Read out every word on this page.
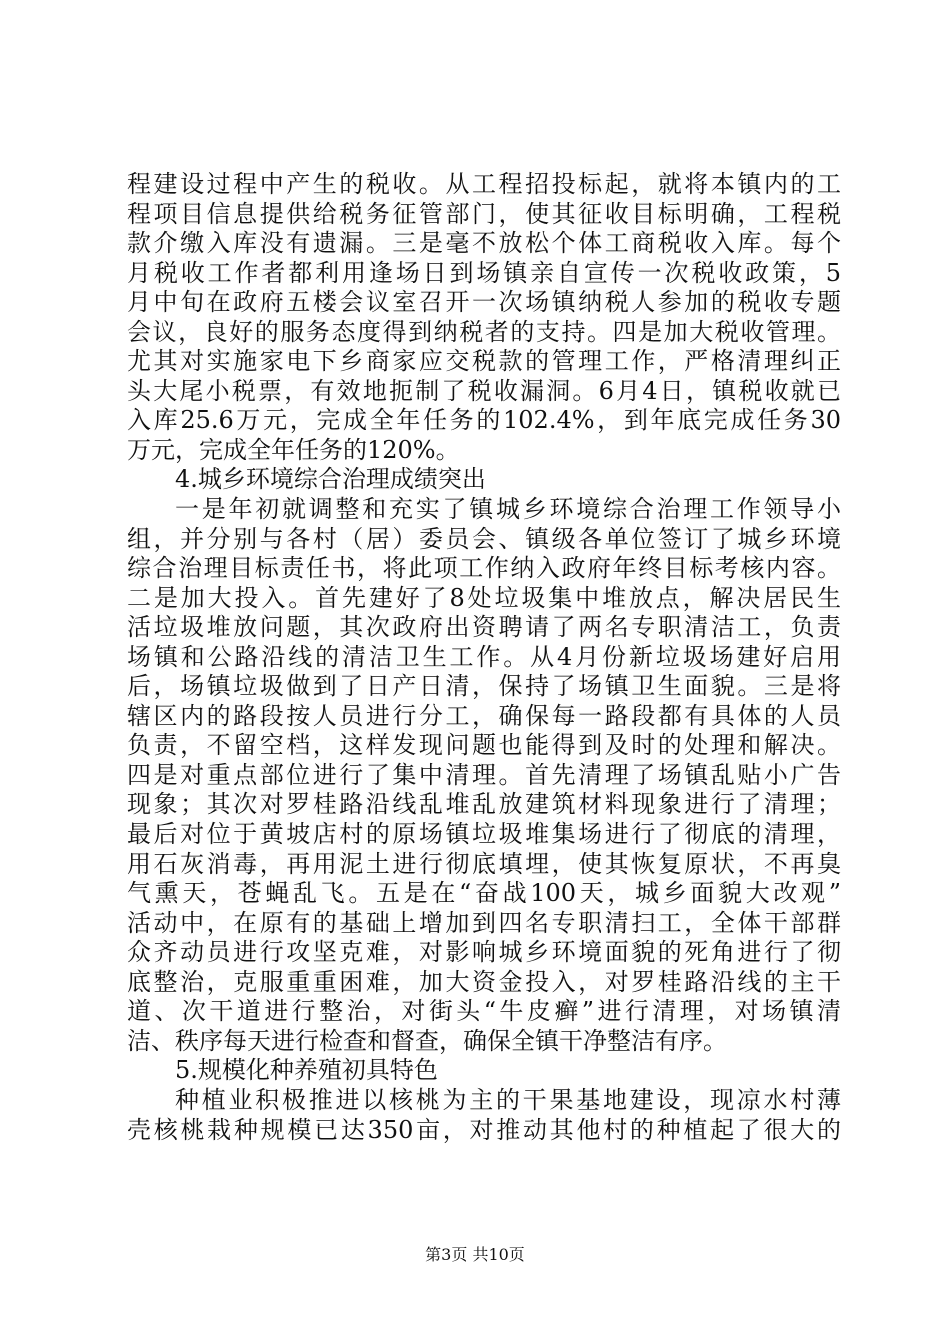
程建设过程中产生的税收。从工程招投标起，就将本镇内的工
程项目信息提供给税务征管部门，使其征收目标明确，工程税
款介缴入库没有遗漏。三是毫不放松个体工商税收入库。每个
月税收工作者都利用逢场日到场镇亲自宣传一次税收政策，5
月中旬在政府五楼会议室召开一次场镇纳税人参加的税收专题
会议，良好的服务态度得到纳税者的支持。四是加大税收管理。
尤其对实施家电下乡商家应交税款的管理工作，严格清理纠正
头大尾小税票，有效地扼制了税收漏洞。6月4日，镇税收就已
入库25.6万元，完成全年任务的102.4%，到年底完成任务30
万元，完成全年任务的120%。
4.城乡环境综合治理成绩突出
一是年初就调整和充实了镇城乡环境综合治理工作领导小
组，并分别与各村（居）委员会、镇级各单位签订了城乡环境
综合治理目标责任书，将此项工作纳入政府年终目标考核内容。
二是加大投入。首先建好了8处垃圾集中堆放点，解决居民生
活垃圾堆放问题，其次政府出资聘请了两名专职清洁工，负责
场镇和公路沿线的清洁卫生工作。从4月份新垃圾场建好启用
后，场镇垃圾做到了日产日清，保持了场镇卫生面貌。三是将
辖区内的路段按人员进行分工，确保每一路段都有具体的人员
负责，不留空档，这样发现问题也能得到及时的处理和解决。
四是对重点部位进行了集中清理。首先清理了场镇乱贴小广告
现象；其次对罗桂路沿线乱堆乱放建筑材料现象进行了清理；
最后对位于黄坡店村的原场镇垃圾堆集场进行了彻底的清理，
用石灰消毒，再用泥土进行彻底填埋，使其恢复原状，不再臭
气熏天，苍蝇乱飞。五是在“奋战100天，城乡面貌大改观”
活动中，在原有的基础上增加到四名专职清扫工，全体干部群
众齐动员进行攻坚克难，对影响城乡环境面貌的死角进行了彻
底整治，克服重重困难，加大资金投入，对罗桂路沿线的主干
道、次干道进行整治，对街头“牛皮癣”进行清理，对场镇清
洁、秩序每天进行检查和督查，确保全镇干净整洁有序。
5.规模化种养殖初具特色
种植业积极推进以核桃为主的干果基地建设，现凉水村薄
壳核桃栽种规模已达350亩，对推动其他村的种植起了很大的
第3页 共10页
